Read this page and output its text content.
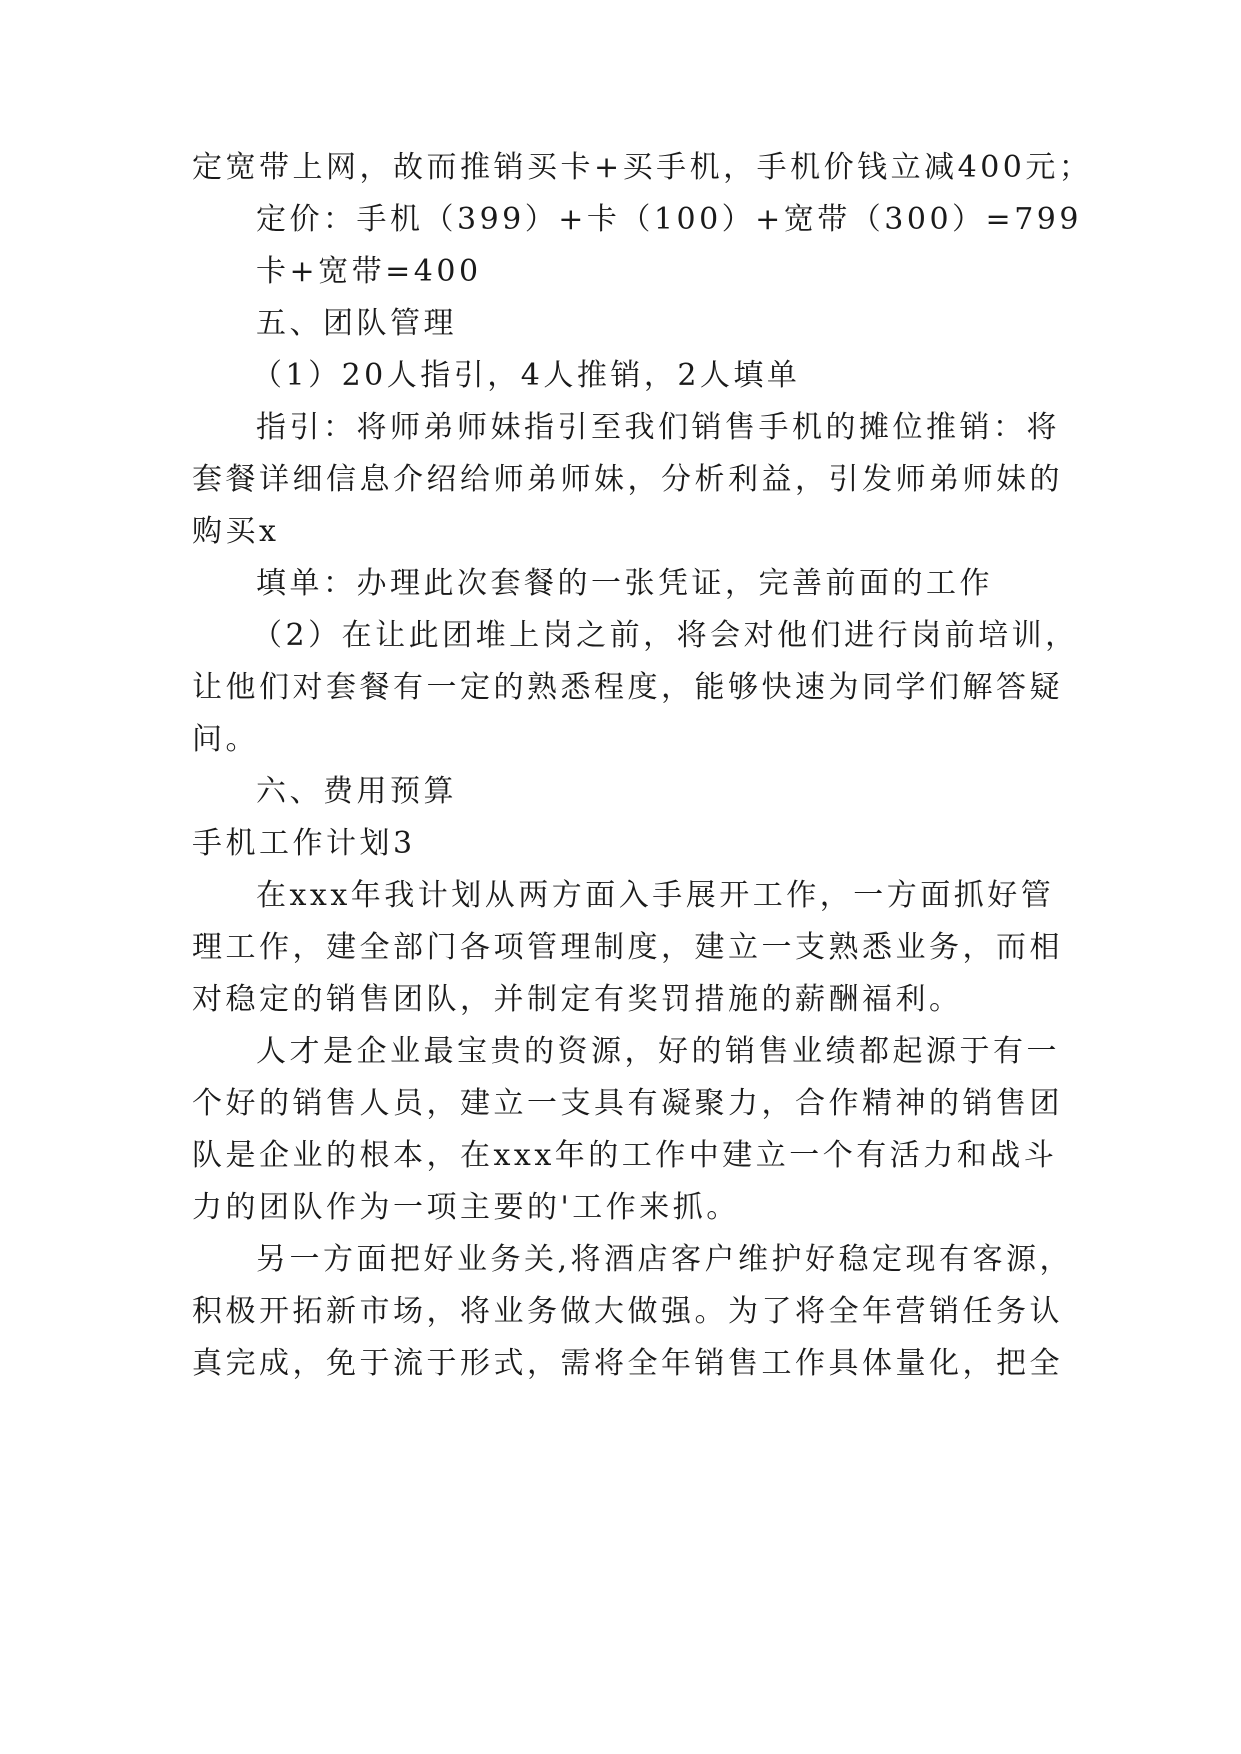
定宽带上网，故而推销买卡+买手机，手机价钱立减400元；
定价：手机（399）+卡（100）+宽带（300）=799
卡+宽带=400
五、团队管理
（1）20人指引，4人推销，2人填单
指引：将师弟师妹指引至我们销售手机的摊位推销：将
套餐详细信息介绍给师弟师妹，分析利益，引发师弟师妹的
购买x
填单：办理此次套餐的一张凭证，完善前面的工作
（2）在让此团堆上岗之前，将会对他们进行岗前培训，
让他们对套餐有一定的熟悉程度，能够快速为同学们解答疑
问。
六、费用预算
手机工作计划3
在xxx年我计划从两方面入手展开工作，一方面抓好管
理工作，建全部门各项管理制度，建立一支熟悉业务，而相
对稳定的销售团队，并制定有奖罚措施的薪酬福利。
人才是企业最宝贵的资源，好的销售业绩都起源于有一
个好的销售人员，建立一支具有凝聚力，合作精神的销售团
队是企业的根本，在xxx年的工作中建立一个有活力和战斗
力的团队作为一项主要的'工作来抓。
另一方面把好业务关,将酒店客户维护好稳定现有客源，
积极开拓新市场，将业务做大做强。为了将全年营销任务认
真完成，免于流于形式，需将全年销售工作具体量化，把全
